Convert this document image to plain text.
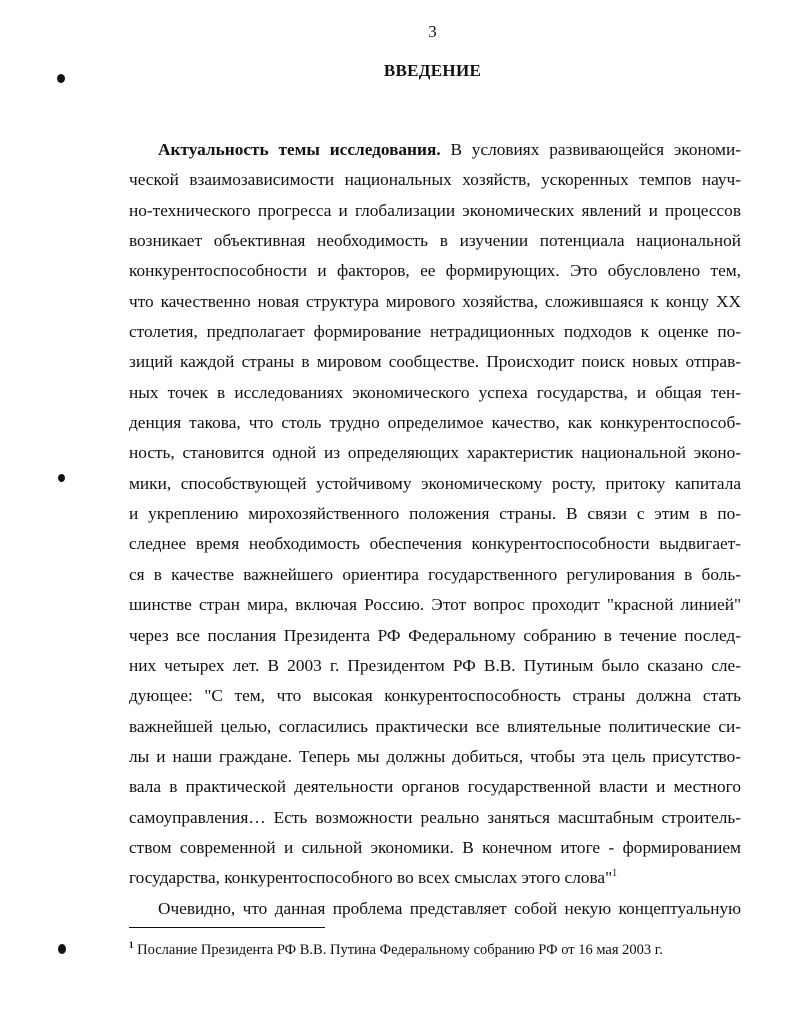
3
ВВЕДЕНИЕ
Актуальность темы исследования. В условиях развивающейся экономи-
ческой взаимозависимости национальных хозяйств, ускоренных темпов науч-
но-технического прогресса и глобализации экономических явлений и процессов
возникает объективная необходимость в изучении потенциала национальной
конкурентоспособности и факторов, ее формирующих. Это обусловлено тем,
что качественно новая структура мирового хозяйства, сложившаяся к концу XX
столетия, предполагает формирование нетрадиционных подходов к оценке по-
зиций каждой страны в мировом сообществе. Происходит поиск новых отправ-
ных точек в исследованиях экономического успеха государства, и общая тен-
денция такова, что столь трудно определимое качество, как конкурентоспособ-
ность, становится одной из определяющих характеристик национальной эконо-
мики, способствующей устойчивому экономическому росту, притоку капитала
и укреплению мирохозяйственного положения страны. В связи с этим в по-
следнее время необходимость обеспечения конкурентоспособности выдвигает-
ся в качестве важнейшего ориентира государственного регулирования в боль-
шинстве стран мира, включая Россию. Этот вопрос проходит "красной линией"
через все послания Президента РФ Федеральному собранию в течение послед-
них четырех лет. В 2003 г. Президентом РФ В.В. Путиным было сказано сле-
дующее: "С тем, что высокая конкурентоспособность страны должна стать
важнейшей целью, согласились практически все влиятельные политические си-
лы и наши граждане. Теперь мы должны добиться, чтобы эта цель присутство-
вала в практической деятельности органов государственной власти и местного
самоуправления… Есть возможности реально заняться масштабным строитель-
ством современной и сильной экономики. В конечном итоге - формированием
государства, конкурентоспособного во всех смыслах этого слова"$^1$
Очевидно, что данная проблема представляет собой некую концептуальную
$^1$ Послание Президента РФ В.В. Путина Федеральному собранию РФ от 16 мая 2003 г.
